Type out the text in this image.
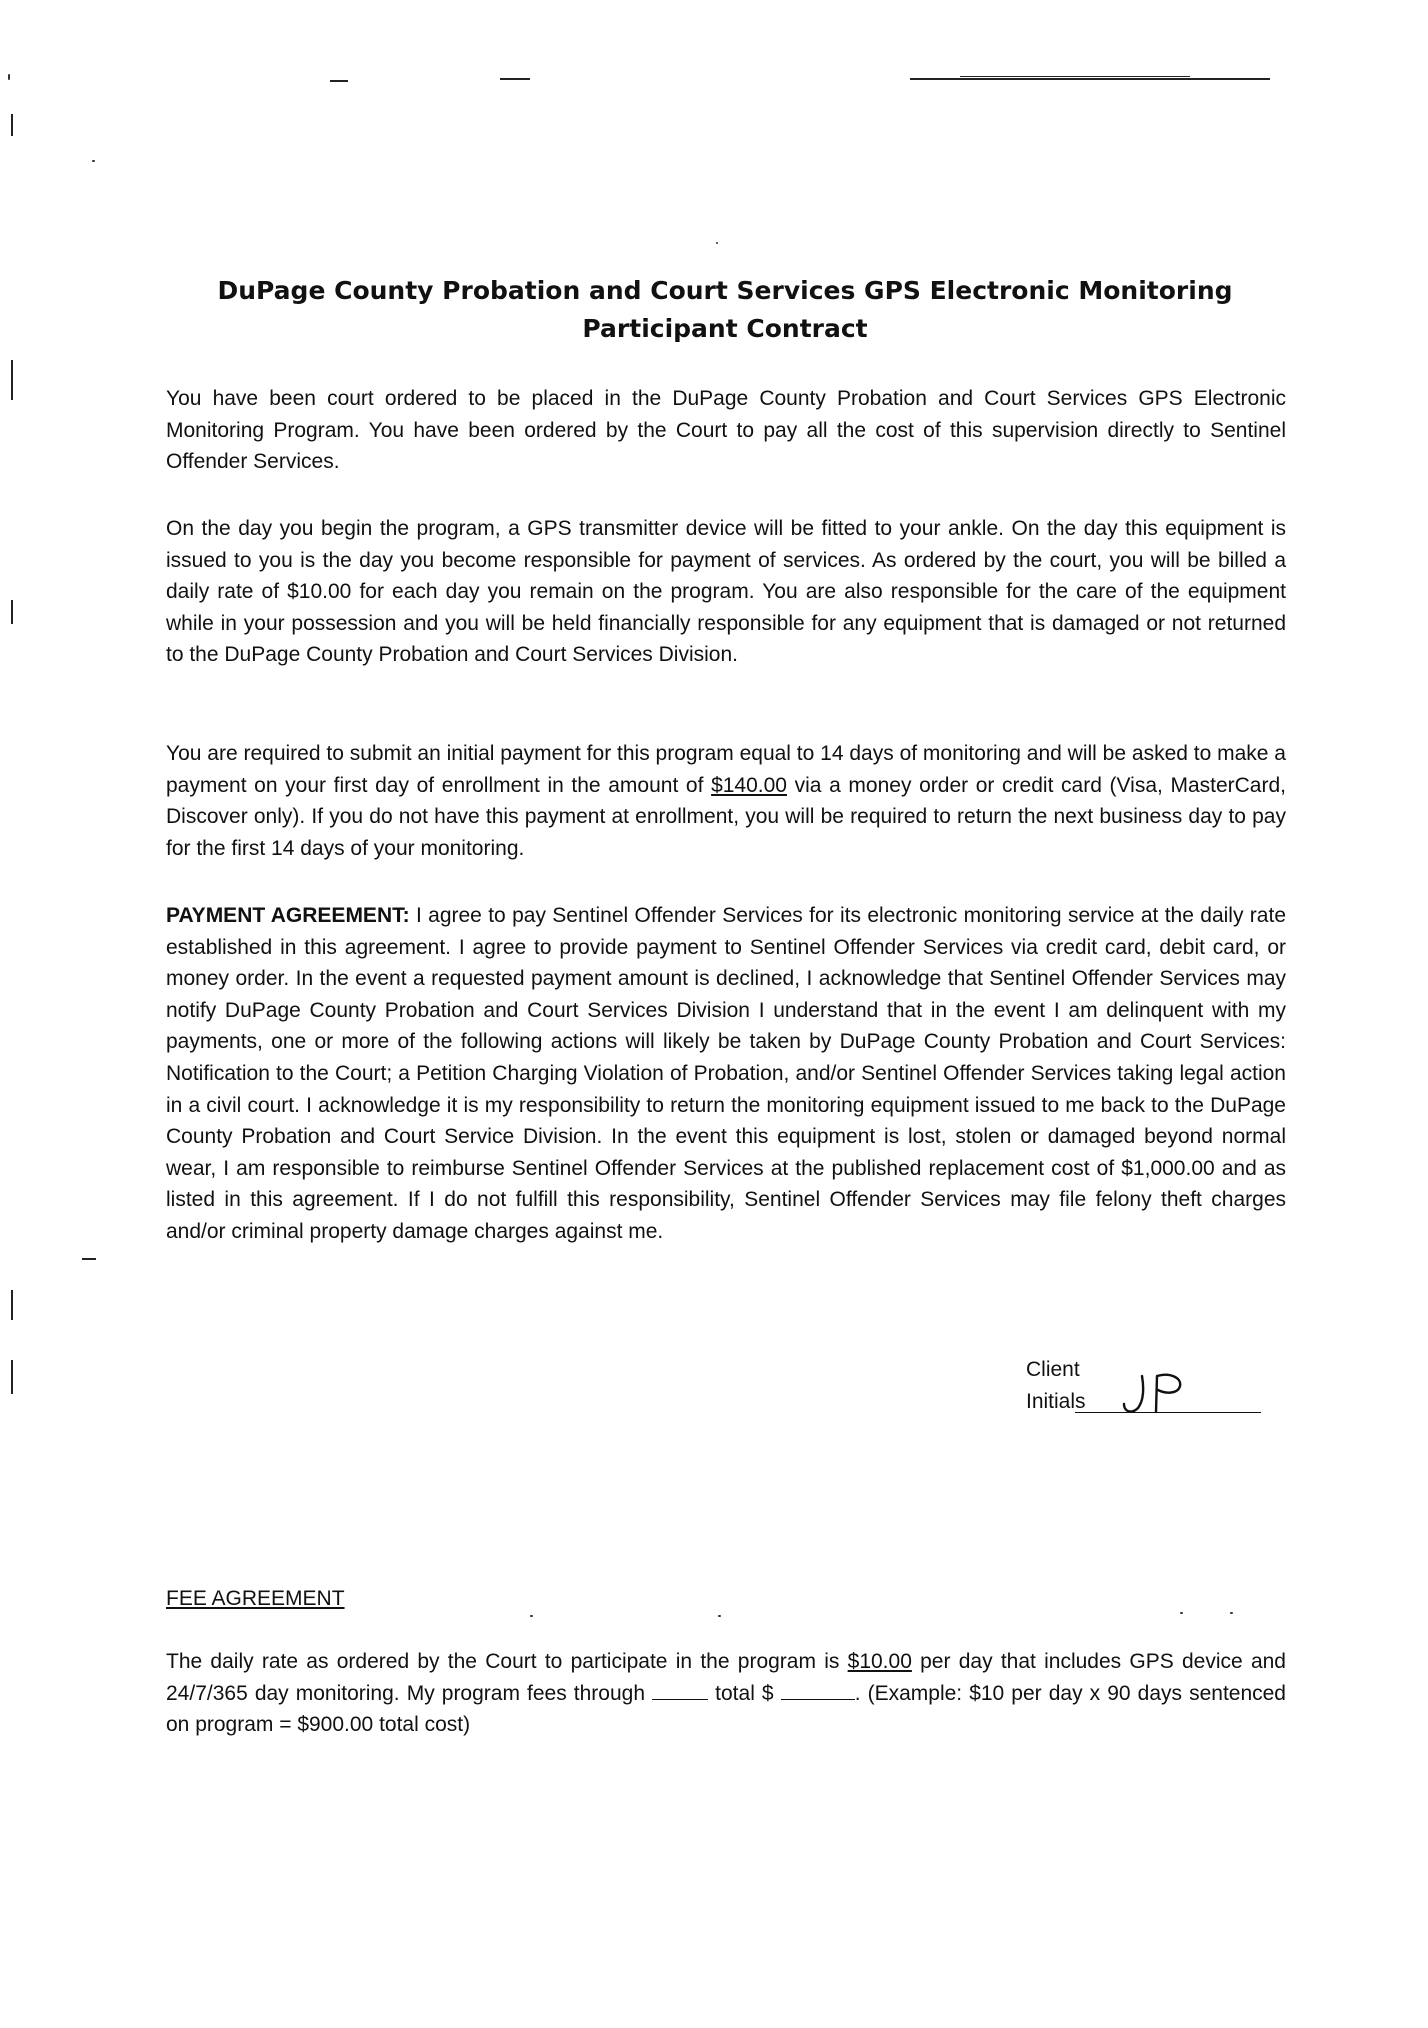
DuPage County Probation and Court Services GPS Electronic Monitoring
Participant Contract
You have been court ordered to be placed in the DuPage County Probation and Court Services GPS Electronic Monitoring Program. You have been ordered by the Court to pay all the cost of this supervision directly to Sentinel Offender Services.
On the day you begin the program, a GPS transmitter device will be fitted to your ankle. On the day this equipment is issued to you is the day you become responsible for payment of services. As ordered by the court, you will be billed a daily rate of $10.00 for each day you remain on the program. You are also responsible for the care of the equipment while in your possession and you will be held financially responsible for any equipment that is damaged or not returned to the DuPage County Probation and Court Services Division.
You are required to submit an initial payment for this program equal to 14 days of monitoring and will be asked to make a payment on your first day of enrollment in the amount of $140.00 via a money order or credit card (Visa, MasterCard, Discover only). If you do not have this payment at enrollment, you will be required to return the next business day to pay for the first 14 days of your monitoring.
PAYMENT AGREEMENT: I agree to pay Sentinel Offender Services for its electronic monitoring service at the daily rate established in this agreement. I agree to provide payment to Sentinel Offender Services via credit card, debit card, or money order. In the event a requested payment amount is declined, I acknowledge that Sentinel Offender Services may notify DuPage County Probation and Court Services Division I understand that in the event I am delinquent with my payments, one or more of the following actions will likely be taken by DuPage County Probation and Court Services: Notification to the Court; a Petition Charging Violation of Probation, and/or Sentinel Offender Services taking legal action in a civil court. I acknowledge it is my responsibility to return the monitoring equipment issued to me back to the DuPage County Probation and Court Service Division. In the event this equipment is lost, stolen or damaged beyond normal wear, I am responsible to reimburse Sentinel Offender Services at the published replacement cost of $1,000.00 and as listed in this agreement. If I do not fulfill this responsibility, Sentinel Offender Services may file felony theft charges and/or criminal property damage charges against me.
Client
Initials
JP
FEE AGREEMENT
The daily rate as ordered by the Court to participate in the program is $10.00 per day that includes GPS device and 24/7/365 day monitoring. My program fees through	total $	. (Example: $10 per day x 90 days sentenced on program = $900.00 total cost)
